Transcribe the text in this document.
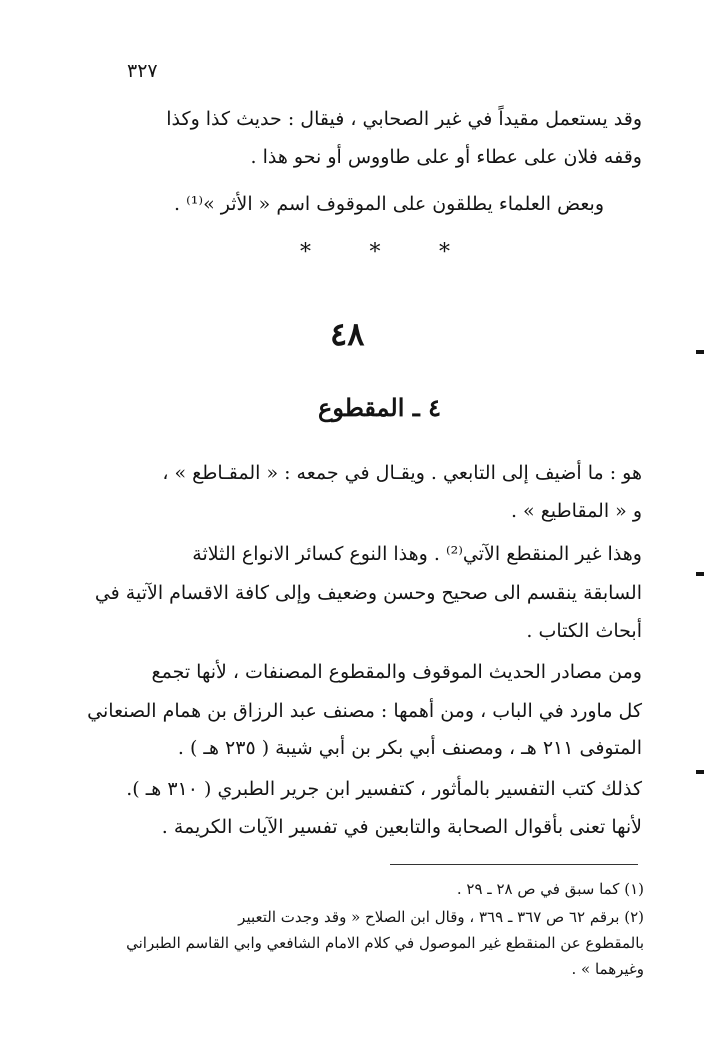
٣٢٧
وقد يستعمل مقيداً في غير الصحابي ، فيقال : حديث كذا وكذا
وقفه فلان على عطاء أو على طاووس أو نحو هذا .
وبعض العلماء يطلقون على الموقوف اسم « الأثر »⁽¹⁾ .
*	*	*
٤٨
٤ ـ المقطوع
هو : ما أضيف إلى التابعي . ويقـال في جمعه : « المقـاطع » ،
و « المقاطيع » .
وهذا غير المنقطع الآتي⁽²⁾ . وهذا النوع كسائر الانواع الثلاثة
السابقة ينقسم الى صحيح وحسن وضعيف وإلى كافة الاقسام الآتية في
أبحاث الكتاب .
ومن مصادر الحديث الموقوف والمقطوع المصنفات ، لأنها تجمع
كل ماورد في الباب ، ومن أهمها : مصنف عبد الرزاق بن همام الصنعاني
المتوفى ٢١١ هـ ، ومصنف أبي بكر بن أبي شيبة ( ٢٣٥ هـ ) .
كذلك كتب التفسير بالمأثور ، كتفسير ابن جرير الطبري ( ٣١٠ هـ ).
لأنها تعنى بأقوال الصحابة والتابعين في تفسير الآيات الكريمة .
(١) كما سبق في ص ٢٨ ـ ٢٩ .
(٢) برقم ٦٢ ص ٣٦٧ ـ ٣٦٩ ، وقال ابن الصلاح « وقد وجدت التعبير
بالمقطوع عن المنقطع غير الموصول في كلام الامام الشافعي وابي القاسم الطبراني
وغيرهما » .
